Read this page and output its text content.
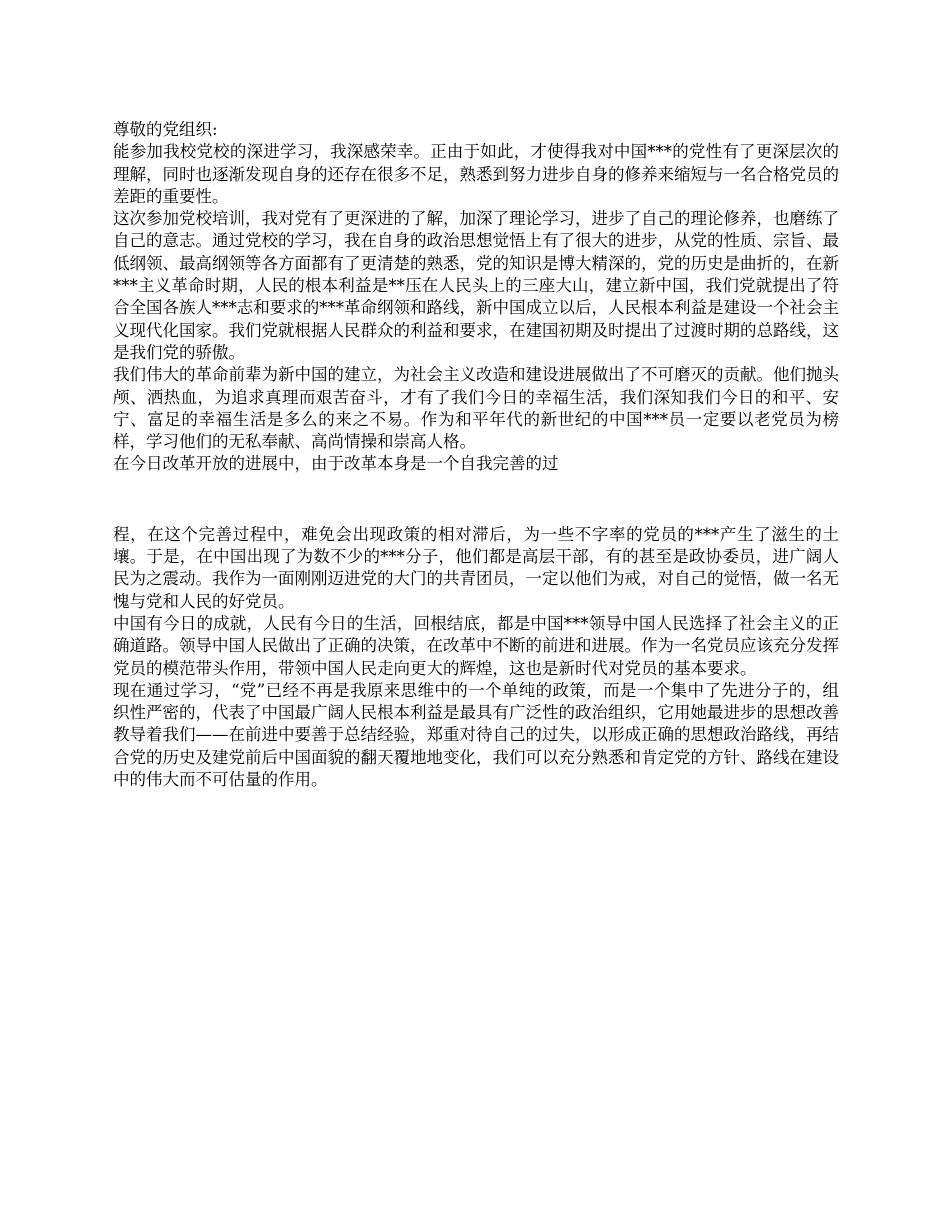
尊敬的党组织:

能参加我校党校的深进学习，我深感荣幸。正由于如此，才使得我对中国***的党性有了更深层次的理解，同时也逐渐发现自身的还存在很多不足，熟悉到努力进步自身的修养来缩短与一名合格党员的差距的重要性。

这次参加党校培训，我对党有了更深进的了解，加深了理论学习，进步了自己的理论修养，也磨练了自己的意志。通过党校的学习，我在自身的政治思想觉悟上有了很大的进步，从党的性质、宗旨、最低纲领、最高纲领等各方面都有了更清楚的熟悉，党的知识是博大精深的，党的历史是曲折的，在新***主义革命时期，人民的根本利益是**压在人民头上的三座大山，建立新中国，我们党就提出了符合全国各族人***志和要求的***革命纲领和路线，新中国成立以后，人民根本利益是建设一个社会主义现代化国家。我们党就根据人民群众的利益和要求，在建国初期及时提出了过渡时期的总路线，这是我们党的骄傲。

我们伟大的革命前辈为新中国的建立，为社会主义改造和建设进展做出了不可磨灭的贡献。他们抛头颅、洒热血，为追求真理而艰苦奋斗，才有了我们今日的幸福生活，我们深知我们今日的和平、安宁、富足的幸福生活是多么的来之不易。作为和平年代的新世纪的中国***员一定要以老党员为榜样，学习他们的无私奉献、高尚情操和崇高人格。

在今日改革开放的进展中，由于改革本身是一个自我完善的过

程，在这个完善过程中，难免会出现政策的相对滞后，为一些不字率的党员的***产生了滋生的土壤。于是，在中国出现了为数不少的***分子，他们都是高层干部，有的甚至是政协委员，进广阔人民为之震动。我作为一面刚刚迈进党的大门的共青团员，一定以他们为戒，对自己的觉悟，做一名无愧与党和人民的好党员。

中国有今日的成就，人民有今日的生活，回根结底，都是中国***领导中国人民选择了社会主义的正确道路。领导中国人民做出了正确的决策，在改革中不断的前进和进展。作为一名党员应该充分发挥党员的模范带头作用，带领中国人民走向更大的辉煌，这也是新时代对党员的基本要求。

现在通过学习，“党”已经不再是我原来思维中的一个单纯的政策，而是一个集中了先进分子的，组织性严密的，代表了中国最广阔人民根本利益是最具有广泛性的政治组织，它用她最进步的思想改善教导着我们——在前进中要善于总结经验，郑重对待自己的过失，以形成正确的思想政治路线，再结合党的历史及建党前后中国面貌的翻天覆地地变化，我们可以充分熟悉和肯定党的方针、路线在建设中的伟大而不可估量的作用。
